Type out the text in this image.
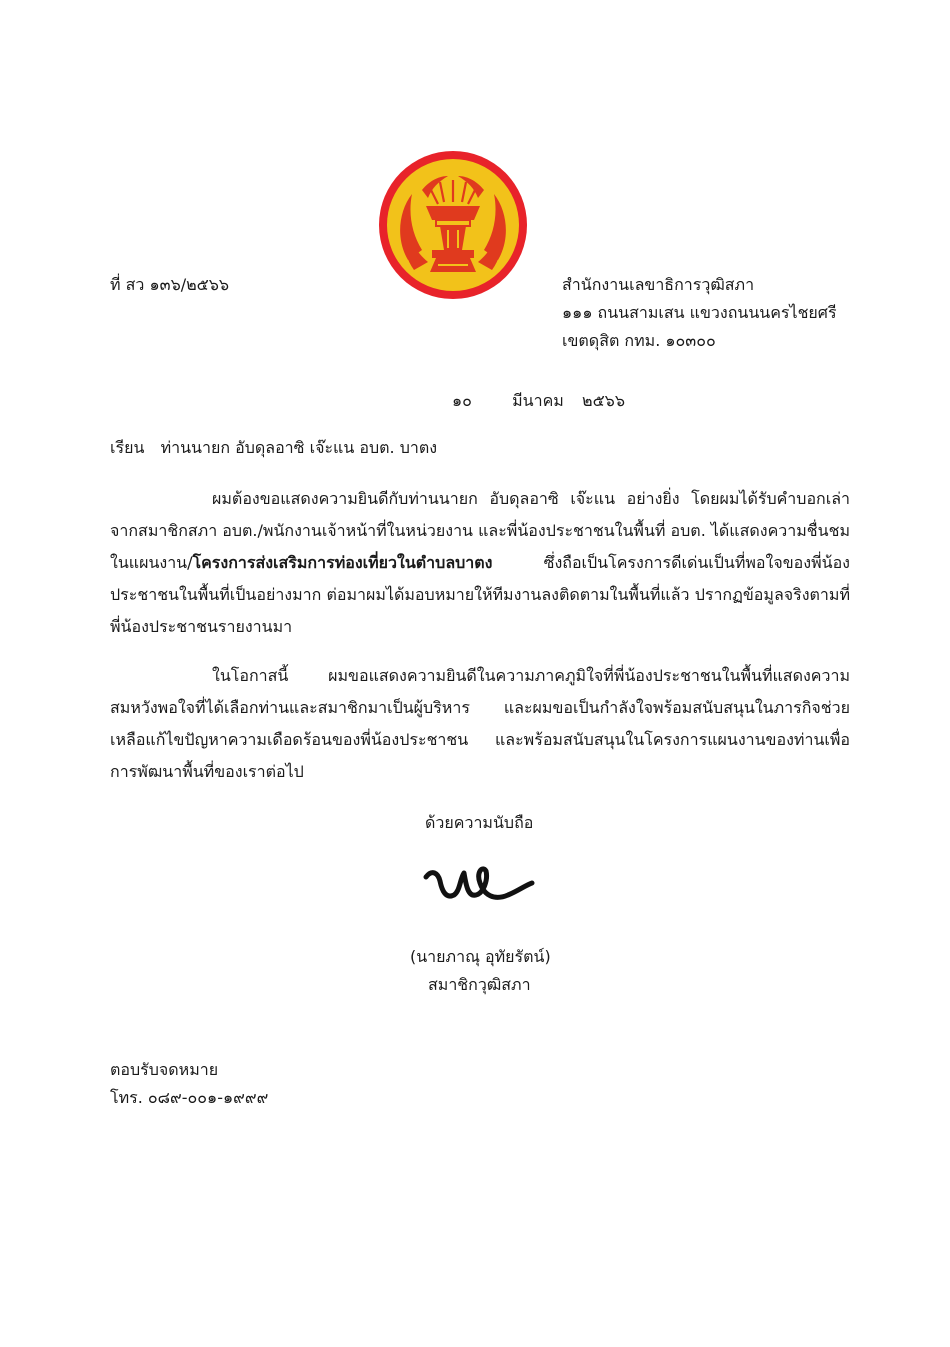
ที่ สว ๑๓๖/๒๕๖๖	สำนักงานเลขาธิการวุฒิสภา
๑๑๑ ถนนสามเสน แขวงถนนนครไชยศรี
เขตดุสิต กทม. ๑๐๓๐๐
๑๐	มีนาคม ๒๕๖๖
เรียน ท่านนายก อับดุลอาซิ เจ๊ะแน อบต. บาตง
ผมต้องขอแสดงความยินดีกับท่านนายก อับดุลอาซิ เจ๊ะแน อย่างยิ่ง โดยผมได้รับคำบอกเล่าจากสมาชิกสภา อบต./พนักงานเจ้าหน้าที่ในหน่วยงาน และพี่น้องประชาชนในพื้นที่ อบต. ได้แสดงความชื่นชมในแผนงาน/โครงการส่งเสริมการท่องเที่ยวในตำบลบาตง ซึ่งถือเป็นโครงการดีเด่นเป็นที่พอใจของพี่น้องประชาชนในพื้นที่เป็นอย่างมาก ต่อมาผมได้มอบหมายให้ทีมงานลงติดตามในพื้นที่แล้ว ปรากฏข้อมูลจริงตามที่พี่น้องประชาชนรายงานมา
ในโอกาสนี้ ผมขอแสดงความยินดีในความภาคภูมิใจที่พี่น้องประชาชนในพื้นที่แสดงความสมหวังพอใจที่ได้เลือกท่านและสมาชิกมาเป็นผู้บริหาร และผมขอเป็นกำลังใจพร้อมสนับสนุนในภารกิจช่วยเหลือแก้ไขปัญหาความเดือดร้อนของพี่น้องประชาชน และพร้อมสนับสนุนในโครงการแผนงานของท่านเพื่อการพัฒนาพื้นที่ของเราต่อไป
ด้วยความนับถือ
(นายภาณุ อุทัยรัตน์)
สมาชิกวุฒิสภา
ตอบรับจดหมาย
โทร. ๐๘๙-๐๐๑-๑๙๙๙
